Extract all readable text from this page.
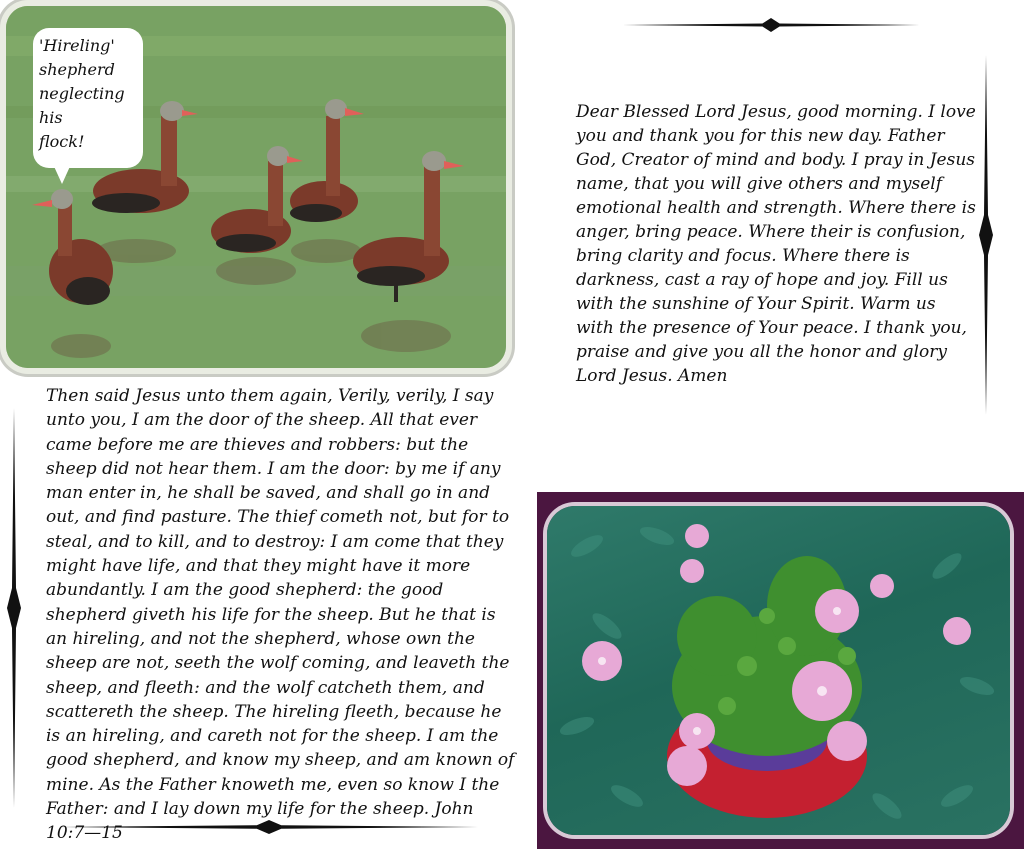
'Hireling'
shepherd
neglecting
his
flock!
Dear Blessed Lord Jesus, good morning. I love you and thank you for this new day. Father God, Creator of mind and body. I pray in Jesus name, that you will give others and myself emotional health and strength. Where there is anger, bring peace. Where their is confusion, bring clarity and focus. Where there is darkness, cast a ray of hope and joy. Fill us with the sunshine of Your Spirit. Warm us with the presence of Your peace. I thank you, praise and give you all the honor and glory Lord Jesus. Amen
Then said Jesus unto them again, Verily, verily, I say unto you, I am the door of the sheep. All that ever came before me are thieves and robbers: but the sheep did not hear them. I am the door: by me if any man enter in, he shall be saved, and shall go in and out, and find pasture. The thief cometh not, but for to steal, and to kill, and to destroy: I am come that they might have life, and that they might have it more abundantly. I am the good shepherd: the good shepherd giveth his life for the sheep. But he that is an hireling, and not the shepherd, whose own the sheep are not, seeth the wolf coming, and leaveth the sheep, and fleeth: and the wolf catcheth them, and scattereth the sheep. The hireling fleeth, because he is an hireling, and careth not for the sheep. I am the good shepherd, and know my sheep, and am known of mine. As the Father knoweth me, even so know I the Father: and I lay down my life for the sheep. John 10:7—15
